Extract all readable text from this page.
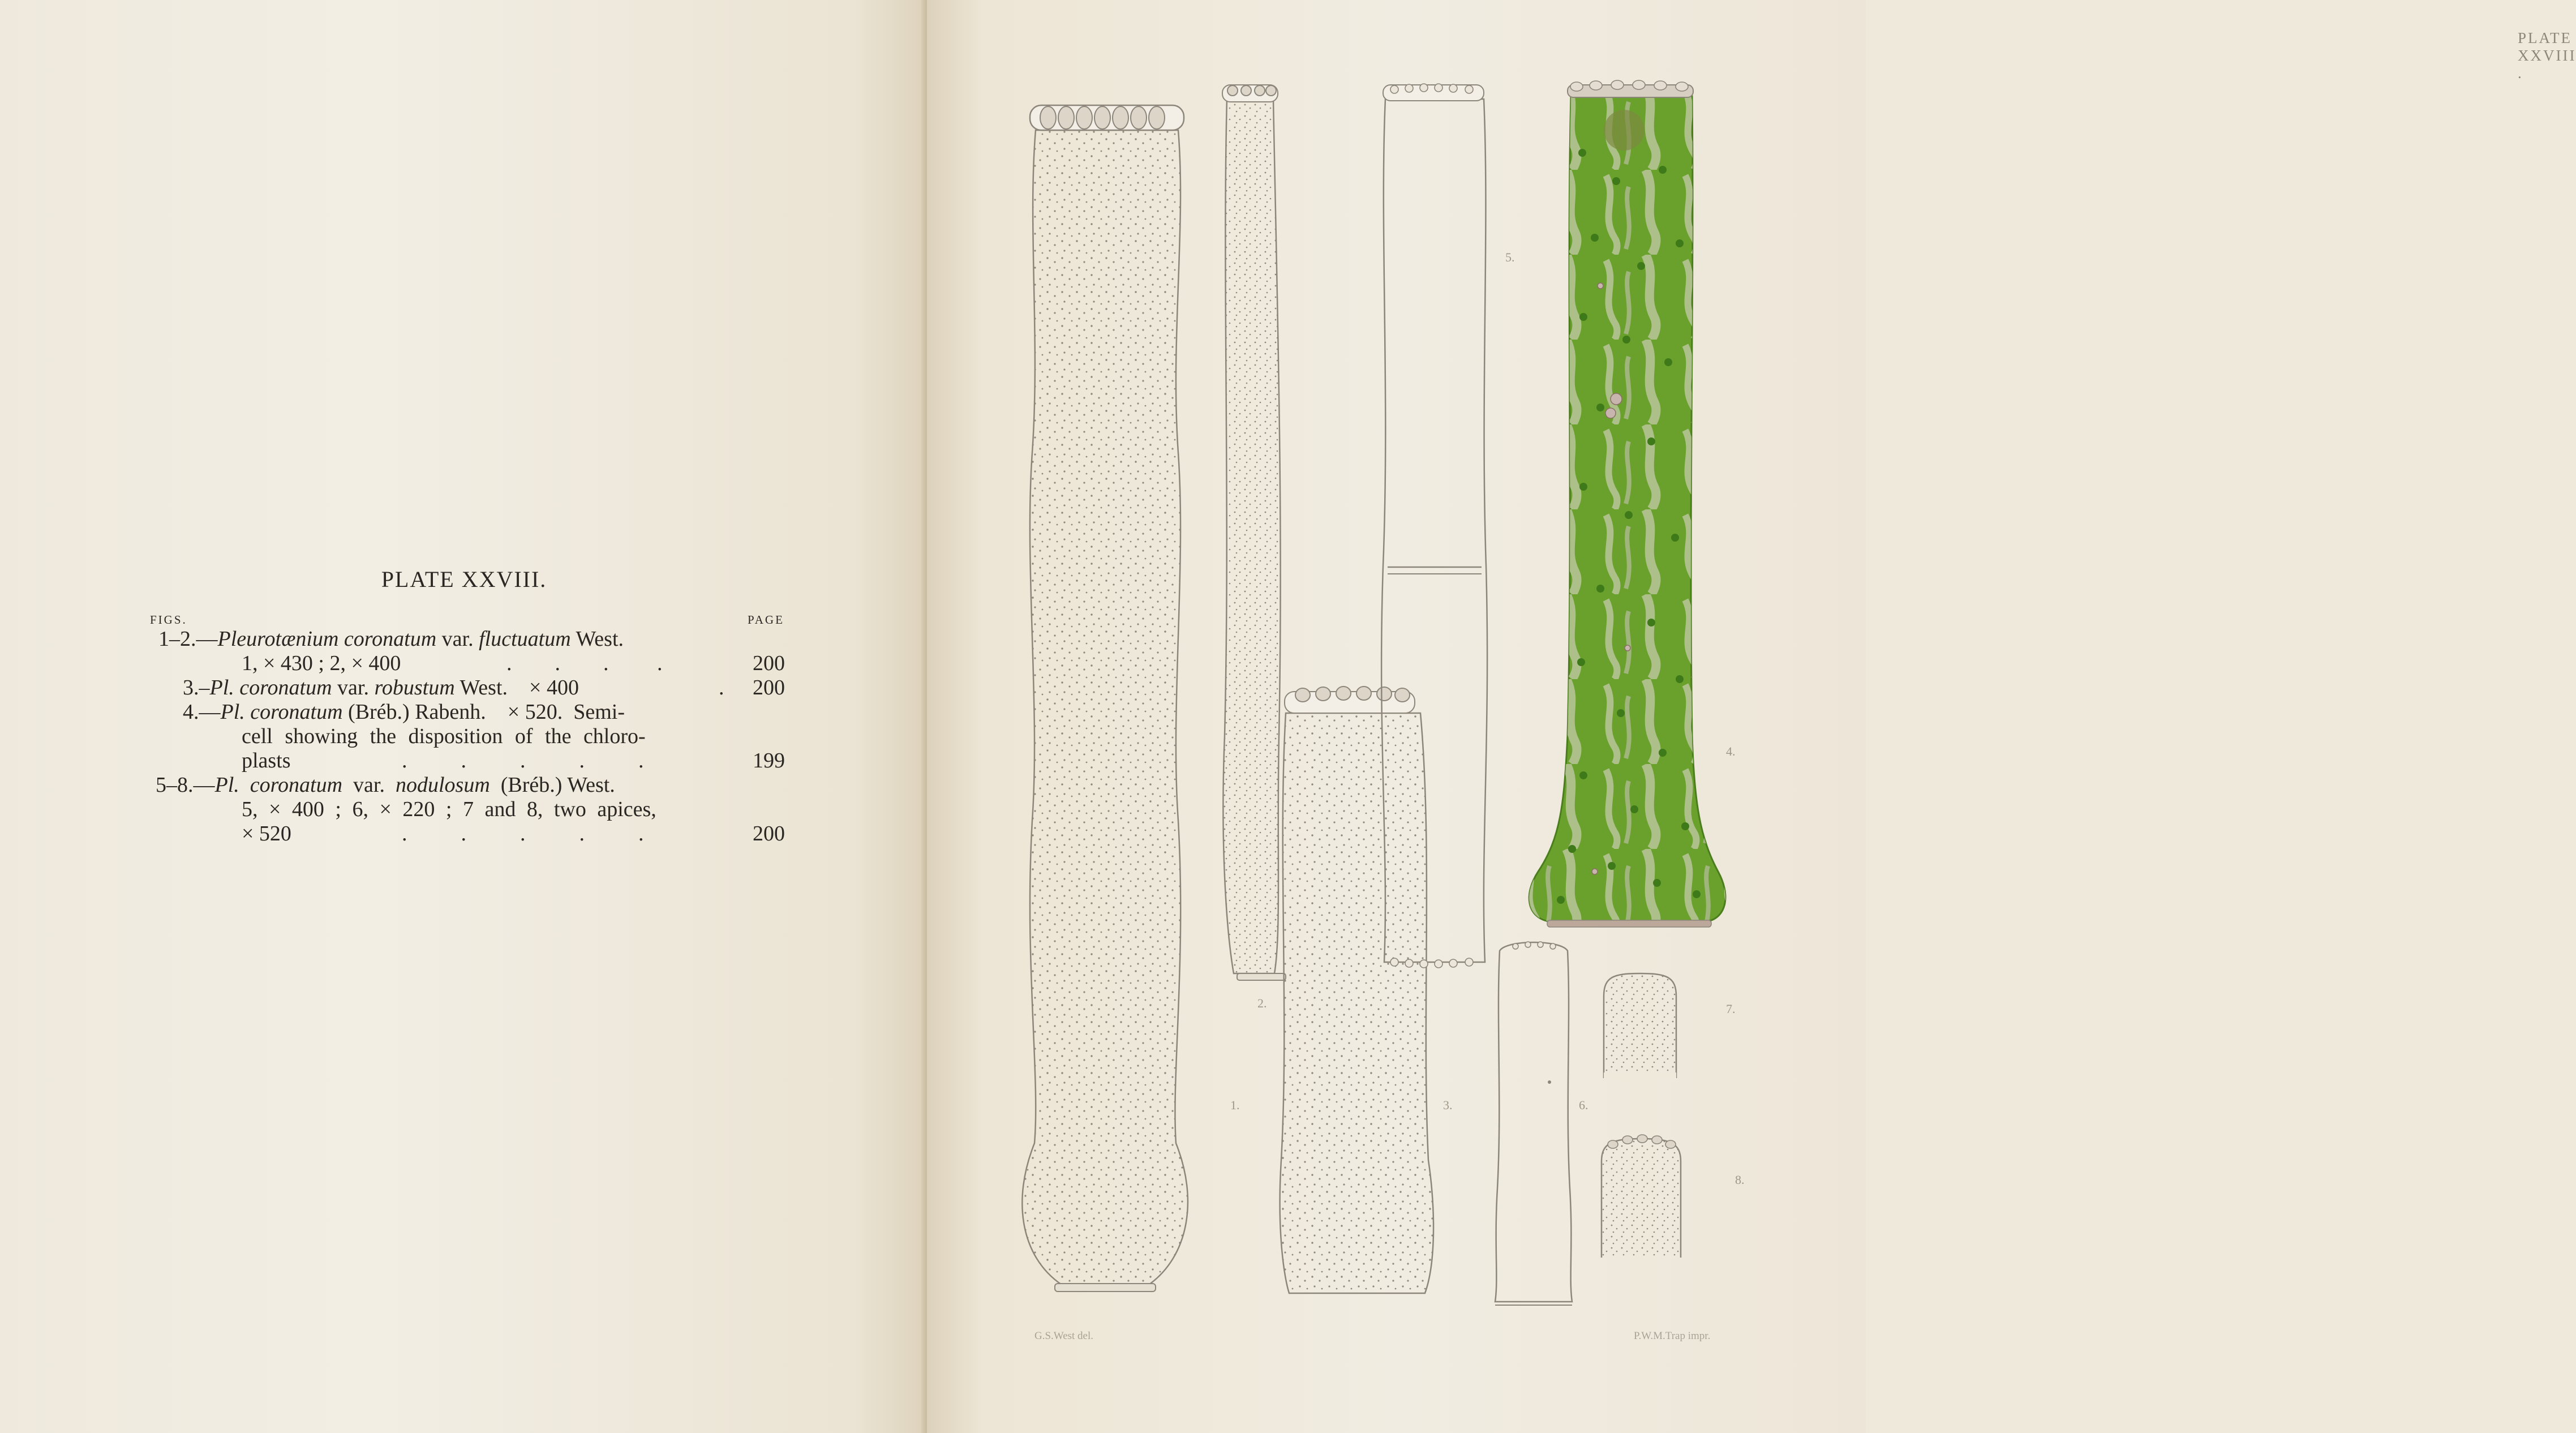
PLATE XXVIII.
FIGS.	PAGE
1–2.—Pleurotænium coronatum var. fluctuatum West.
1, × 430 ; 2, × 400	.        .        .         .	200
3.–Pl. coronatum var. robustum West. × 400	. 200
4.—Pl. coronatum (Bréb.) Rabenh. × 520. Semi-
cell showing the disposition of the chloro-
plasts	.          .          .          .          .	199
5–8.—Pl. coronatum var. nodulosum (Bréb.) West.
5, × 400 ; 6, × 220 ; 7 and 8, two apices,
× 520	.          .          .          .          .	200
PLATE XXVIII .
1.
2.
3.
4.
5.
6.
7.
8.
G.S.West del.	P.W.M.Trap impr.
